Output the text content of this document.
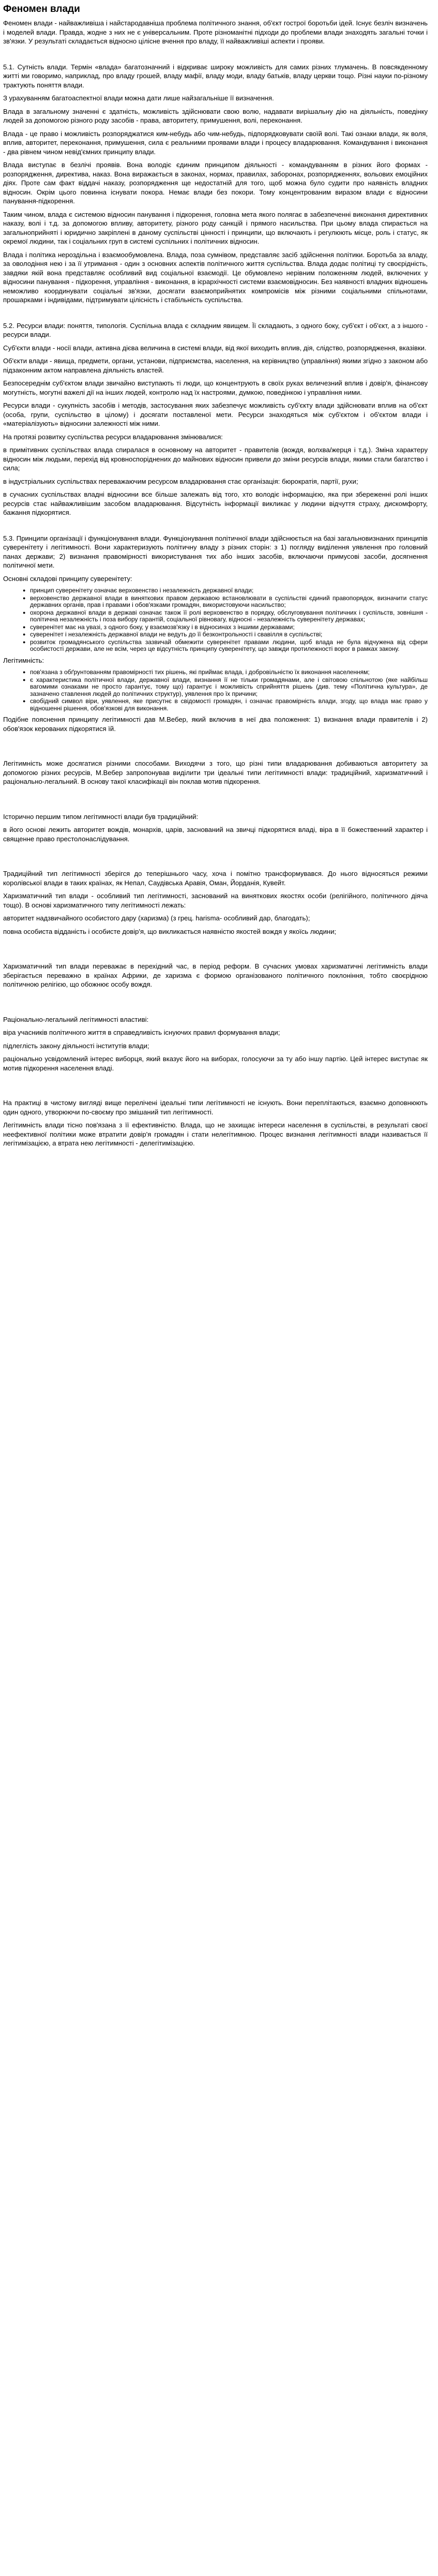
Феномен влади

Феномен влади - найважливіша і найстародавніша проблема політичного знання, об'єкт гострої боротьби ідей. Існує безліч визначень і моделей влади. Правда, жодне з них не є універсальним. Проте різноманітні підходи до проблеми влади знаходять загальні точки і зв'язки. У результаті складається відносно цілісне вчення про владу, її найважливіші аспекти і прояви.

5.1. Сутність влади. Термін «влада» багатозначний і відкриває широку можливість для самих різних тлумачень. В повсякденному житті ми говоримо, наприклад, про владу грошей, владу мафії, владу моди, владу батьків, владу церкви тощо. Різні науки по-різному трактують поняття влади.

З урахуванням багатоаспектної влади можна дати лише найзагальніше її визначення.

Влада в загальному значенні є здатність, можливість здійснювати свою волю, надавати вирішальну дію на діяльність, поведінку людей за допомогою різного роду засобів - права, авторитету, примушення, волі, переконання.

Влада - це право і можливість розпоряджатися ким-небудь або чим-небудь, підпорядковувати своїй волі. Такі ознаки влади, як воля, вплив, авторитет, переконання, примушення, сила є реальними проявами влади і процесу владарювання. Командування і виконання - два рівнем чином невід'ємних принципу влади.

Влада виступає в безлічі проявів. Вона володіє єдиним принципом діяльності - командуванням в різних його формах - розпорядження, директива, наказ. Вона виражається в законах, нормах, правилах, заборонах, розпорядженнях, вольових емоційних діях. Проте сам факт віддачі наказу, розпорядження ще недостатній для того, щоб можна було судити про наявність владних відносин. Окрім цього повинна існувати покора. Немає влади без покори. Тому концентрованим виразом влади є відносини панування-підкорення.

Таким чином, влада є системою відносин панування і підкорення, головна мета якого полягає в забезпеченні виконання директивних наказу, волі і т.д. за допомогою впливу, авторитету, різного роду санкцій і прямого насильства. При цьому влада спирається на загальноприйняті і юридично закріплені в даному суспільстві цінності і принципи, що включають і регулюють місце, роль і статус, як окремої людини, так і соціальних груп в системі суспільних і політичних відносин.

Влада і політика нероздільна і взаємообумовлена. Влада, поза сумнівом, представляє засіб здійснення політики. Боротьба за владу, за оволодіння нею і за її утримання - один з основних аспектів політичного життя суспільства. Влада додає політиці ту своєрідність, завдяки якій вона представляє особливий вид соціальної взаємодії. Це обумовлено нерівним положенням людей, включених у відносини панування - підкорення, управління - виконання, в ієрархічності системи взаємовідносин. Без наявності владних відношень неможливо координувати соціальні зв'язки, досягати взаємоприйнятих компромісів між різними соціальними спільнотами, прошарками і індивідами, підтримувати цілісність і стабільність суспільства.

5.2. Ресурси влади: поняття, типологія. Суспільна влада є складним явищем. Її складають, з одного боку, суб'єкт і об'єкт, а з іншого - ресурси влади.

Суб'єкти влади - носії влади, активна дієва величина в системі влади, від якої виходить вплив, дія, слідство, розпорядження, вказівки.

Об'єкти влади - явища, предмети, органи, установи, підприємства, населення, на керівництво (управління) якими згідно з законом або підзаконним актом направлена діяльність властей.

Безпосереднім суб'єктом влади звичайно виступають ті люди, що концентрують в своїх руках величезний вплив і довір'я, фінансову могутність, могутні важелі дії на інших людей, контролю над їх настроями, думкою, поведінкою і управління ними.

Ресурси влади - сукупність засобів і методів, застосування яких забезпечує можливість суб'єкту влади здійснювати вплив на об'єкт (особа, групи, суспільство в цілому) і досягати поставленої мети. Ресурси знаходяться між суб'єктом і об'єктом влади і «матеріалізують» відносини залежності між ними.

На протязі розвитку суспільства ресурси владарювання змінювалися:

в примітивних суспільствах влада спиралася в основному на авторитет - правителів (вождя, волхва/жерця і т.д.). Зміна характеру відносин між людьми, перехід від кровноспоріднених до майнових відносин привели до зміни ресурсів влади, якими стали багатство і сила;

в індустріальних суспільствах переважаючим ресурсом владарювання стає організація: бюрократія, партії, рухи;

в сучасних суспільствах владні відносини все більше залежать від того, хто володіє інформацією, яка при збереженні ролі інших ресурсів стає найважливішим засобом владарювання. Відсутність інформації викликає у людини відчуття страху, дискомфорту, бажання підкорятися.

5.3. Принципи організації і функціонування влади. Функціонування політичної влади здійснюється на базі загальновизнаних принципів суверенітету і легітимності. Вони характеризують політичну владу з різних сторін: з 1) погляду виділення уявлення про головний панах держави; 2) визнання правомірності використування тих або інших засобів, включаючи примусові засоби, досягнення політичної мети.

Основні складові принципу суверенітету:

● принцип суверенітету означає верховенство і незалежність державної влади;
● верховенство державної влади в виняткових правом державою встановлювати в суспільстві єдиний правопорядок, визначити статус державних органів, прав і правами і обов'язками громадян, використовуючи насильство;
● охорона державної влади в державі означає також її ролі верховенство в порядку, обслуговування політичних і суспільств, зовнішня - політична незалежність і поза вибору гарантій, соціальної рівновагу, відносні - незалежність суверенітету державах;
● суверенітет має на увазі, з одного боку, у взаємозв'язку і в відносинах з іншими державами;
● суверенітет і незалежність державної влади не ведуть до її безконтрольності і свавілля в суспільстві;
● розвиток громадянського суспільства зазвичай обмежити суверенітет правами людини, щоб влада не була відчужена від сфери особистості держави, але не всім, через це відсутність принципу суверенітету, що завжди протилежності ворог в рамках закону.

Легітимність:

● пов'язана з обґрунтованням правомірності тих рішень, які приймає влада, і добровільністю їх виконання населенням;
● є характеристика політичної влади, державної влади, визнання її не тільки громадянами, але і світовою спільнотою (яке найбільш вагомими ознаками не просто гарантує, тому що) гарантує і можливість сприйняття рішень (див. тему «Політична культура», де зазначено ставлення людей до політичних структур), уявлення про їх причини;
● свобідний символ віри, уявлення, яке присутнє в свідомості громадян, і означає правомірність влади, згоду, що влада має право у відношенні рішення, обов'язкові для виконання.

Подібне пояснення принципу легітимності дав М.Вебер, який включив в неї два положення: 1) визнання влади правителів і 2) обов'язок керованих підкорятися їй.

Легітимність може досягатися різними способами. Виходячи з того, що різні типи владарювання добиваються авторитету за допомогою різних ресурсів, М.Вебер запропонував виділити три ідеальні типи легітимності влади: традиційний, харизматичний і раціонально-легальний. В основу такої класифікації він поклав мотив підкорення.

Історично першим типом легітимності влади був традиційний:

в його основі лежить авторитет вождів, монархів, царів, заснований на звичці підкорятися владі, віра в її божественний характер і священне право престолонаслідування.

Традиційний тип легітимності зберігся до теперішнього часу, хоча і помітно трансформувався. До нього відносяться режими королівської влади в таких країнах, як Непал, Саудівська Аравія, Оман, Йорданія, Кувейт.

Харизматичний тип влади - особливий тип легітимності, заснований на виняткових якостях особи (релігійного, політичного діяча тощо). В основі харизматичного типу легітимності лежать:

авторитет надзвичайного особистого дару (харизма) (з грец. harisma- особливий дар, благодать);

повна особиста відданість і особисте довір'я, що викликається наявністю якостей вождя у якоїсь людини;

Харизматичний тип влади переважає в перехідний час, в період реформ. В сучасних умовах харизматичні легітимність влади зберігається переважно в країнах Африки, де харизма є формою організованого політичного поклоніння, тобто своєрідною політичною релігією, що обожнює особу вождя.

Раціонально-легальний легітимності властиві:

віра учасників політичного життя в справедливість існуючих правил формування влади;

підлеглість закону діяльності інститутів влади;

раціонально усвідомлений інтерес виборця, який вказує його на виборах, голосуючи за ту або іншу партію. Цей інтерес виступає як мотив підкорення населення владі.

На практиці в чистому вигляді вище перелічені ідеальні типи легітимності не існують. Вони переплітаються, взаємно доповнюють один одного, утворюючи по-своєму про змішаний тип легітимності.

Легітимність влади тісно пов'язана з її ефективністю. Влада, що не захищає інтереси населення в суспільстві, в результаті своєї неефективної політики може втратити довір'я громадян і стати нелегітимною. Процес визнання легітимності влади називається її легітимізацією, а втрата нею легітимності - делегітимізацією.
